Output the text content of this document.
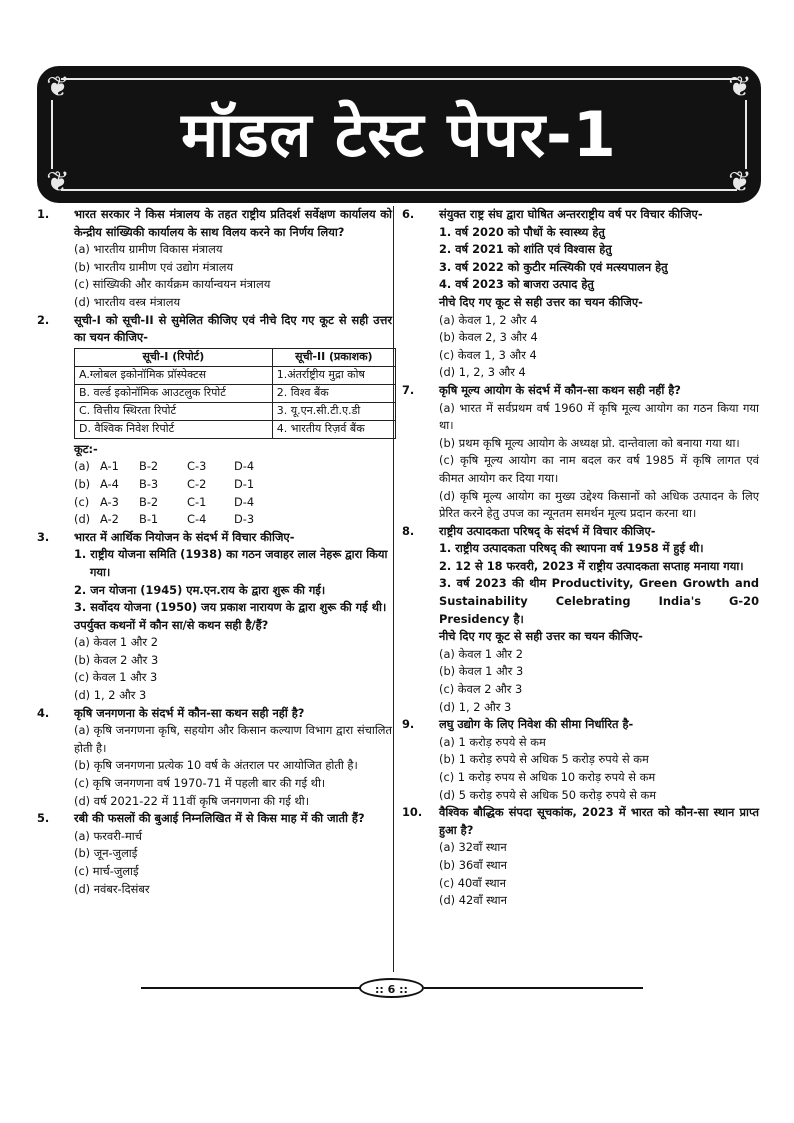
❦	❦
❦	❦
मॉडल टेस्ट पेपर-1
1. भारत सरकार ने किस मंत्रालय के तहत राष्ट्रीय प्रतिदर्श सर्वेक्षण कार्यालय को केन्द्रीय सांख्यिकी कार्यालय के साथ विलय करने का निर्णय लिया?
(a) भारतीय ग्रामीण विकास मंत्रालय
(b) भारतीय ग्रामीण एवं उद्योग मंत्रालय
(c) सांख्यिकी और कार्यक्रम कार्यान्वयन मंत्रालय
(d) भारतीय वस्त्र मंत्रालय
2. सूची-I को सूची-II से सुमेलित कीजिए एवं नीचे दिए गए कूट से सही उत्तर का चयन कीजिए-
सूची-I (रिपोर्ट)	सूची-II (प्रकाशक)
A.ग्लोबल इकोनॉमिक प्रॉस्पेक्टस	1.अंतर्राष्ट्रीय मुद्रा कोष
B. वर्ल्ड इकोनॉमिक आउटलुक रिपोर्ट	2. विश्व बैंक
C. वित्तीय स्थिरता रिपोर्ट	3. यू.एन.सी.टी.ए.डी
D. वैश्विक निवेश रिपोर्ट	4. भारतीय रिज़र्व बैंक
कूट:-
(a) A-1	B-2	C-3	D-4
(b) A-4	B-3	C-2	D-1
(c) A-3	B-2	C-1	D-4
(d) A-2	B-1	C-4	D-3
3. भारत में आर्थिक नियोजन के संदर्भ में विचार कीजिए-
1. राष्ट्रीय योजना समिति (1938) का गठन जवाहर लाल नेहरू द्वारा किया गया।
2. जन योजना (1945) एम.एन.राय के द्वारा शुरू की गई।
3. सर्वोदय योजना (1950) जय प्रकाश नारायण के द्वारा शुरू की गई थी।
उपर्युक्त कथनों में कौन सा/से कथन सही है/हैं?
(a) केवल 1 और 2
(b) केवल 2 और 3
(c) केवल 1 और 3
(d) 1, 2 और 3
4. कृषि जनगणना के संदर्भ में कौन-सा कथन सही नहीं है?
(a) कृषि जनगणना कृषि, सहयोग और किसान कल्याण विभाग द्वारा संचालित होती है।
(b) कृषि जनगणना प्रत्येक 10 वर्ष के अंतराल पर आयोजित होती है।
(c) कृषि जनगणना वर्ष 1970-71 में पहली बार की गई थी।
(d) वर्ष 2021-22 में 11वीं कृषि जनगणना की गई थी।
5. रबी की फसलों की बुआई निम्नलिखित में से किस माह में की जाती हैं?
(a) फरवरी-मार्च
(b) जून-जुलाई
(c) मार्च-जुलाई
(d) नवंबर-दिसंबर
6. संयुक्त राष्ट्र संघ द्वारा घोषित अन्तरराष्ट्रीय वर्ष पर विचार कीजिए-
1. वर्ष 2020 को पौधों के स्वास्थ्य हेतु
2. वर्ष 2021 को शांति एवं विश्वास हेतु
3. वर्ष 2022 को कुटीर मत्स्यिकी एवं मत्स्यपालन हेतु
4. वर्ष 2023 को बाजरा उत्पाद हेतु
नीचे दिए गए कूट से सही उत्तर का चयन कीजिए-
(a) केवल 1, 2 और 4
(b) केवल 2, 3 और 4
(c) केवल 1, 3 और 4
(d) 1, 2, 3 और 4
7. कृषि मूल्य आयोग के संदर्भ में कौन-सा कथन सही नहीं है?
(a) भारत में सर्वप्रथम वर्ष 1960 में कृषि मूल्य आयोग का गठन किया गया था।
(b) प्रथम कृषि मूल्य आयोग के अध्यक्ष प्रो. दान्तेवाला को बनाया गया था।
(c) कृषि मूल्य आयोग का नाम बदल कर वर्ष 1985 में कृषि लागत एवं कीमत आयोग कर दिया गया।
(d) कृषि मूल्य आयोग का मुख्य उद्देश्य किसानों को अधिक उत्पादन के लिए प्रेरित करने हेतु उपज का न्यूनतम समर्थन मूल्य प्रदान करना था।
8. राष्ट्रीय उत्पादकता परिषद् के संदर्भ में विचार कीजिए-
1. राष्ट्रीय उत्पादकता परिषद् की स्थापना वर्ष 1958 में हुई थी।
2. 12 से 18 फरवरी, 2023 में राष्ट्रीय उत्पादकता सप्ताह मनाया गया।
3. वर्ष 2023 की थीम Productivity, Green Growth and Sustainability Celebrating India's G-20 Presidency है।
नीचे दिए गए कूट से सही उत्तर का चयन कीजिए-
(a) केवल 1 और 2
(b) केवल 1 और 3
(c) केवल 2 और 3
(d) 1, 2 और 3
9. लघु उद्योग के लिए निवेश की सीमा निर्धारित है-
(a) 1 करोड़ रुपये से कम
(b) 1 करोड़ रुपये से अधिक 5 करोड़ रुपये से कम
(c) 1 करोड़ रुपय से अधिक 10 करोड़ रुपये से कम
(d) 5 करोड़ रुपये से अधिक 50 करोड़ रुपये से कम
10. वैश्विक बौद्धिक संपदा सूचकांक, 2023 में भारत को कौन-सा स्थान प्राप्त हुआ है?
(a) 32वाँ स्थान
(b) 36वाँ स्थान
(c) 40वाँ स्थान
(d) 42वाँ स्थान
:: 6 ::
